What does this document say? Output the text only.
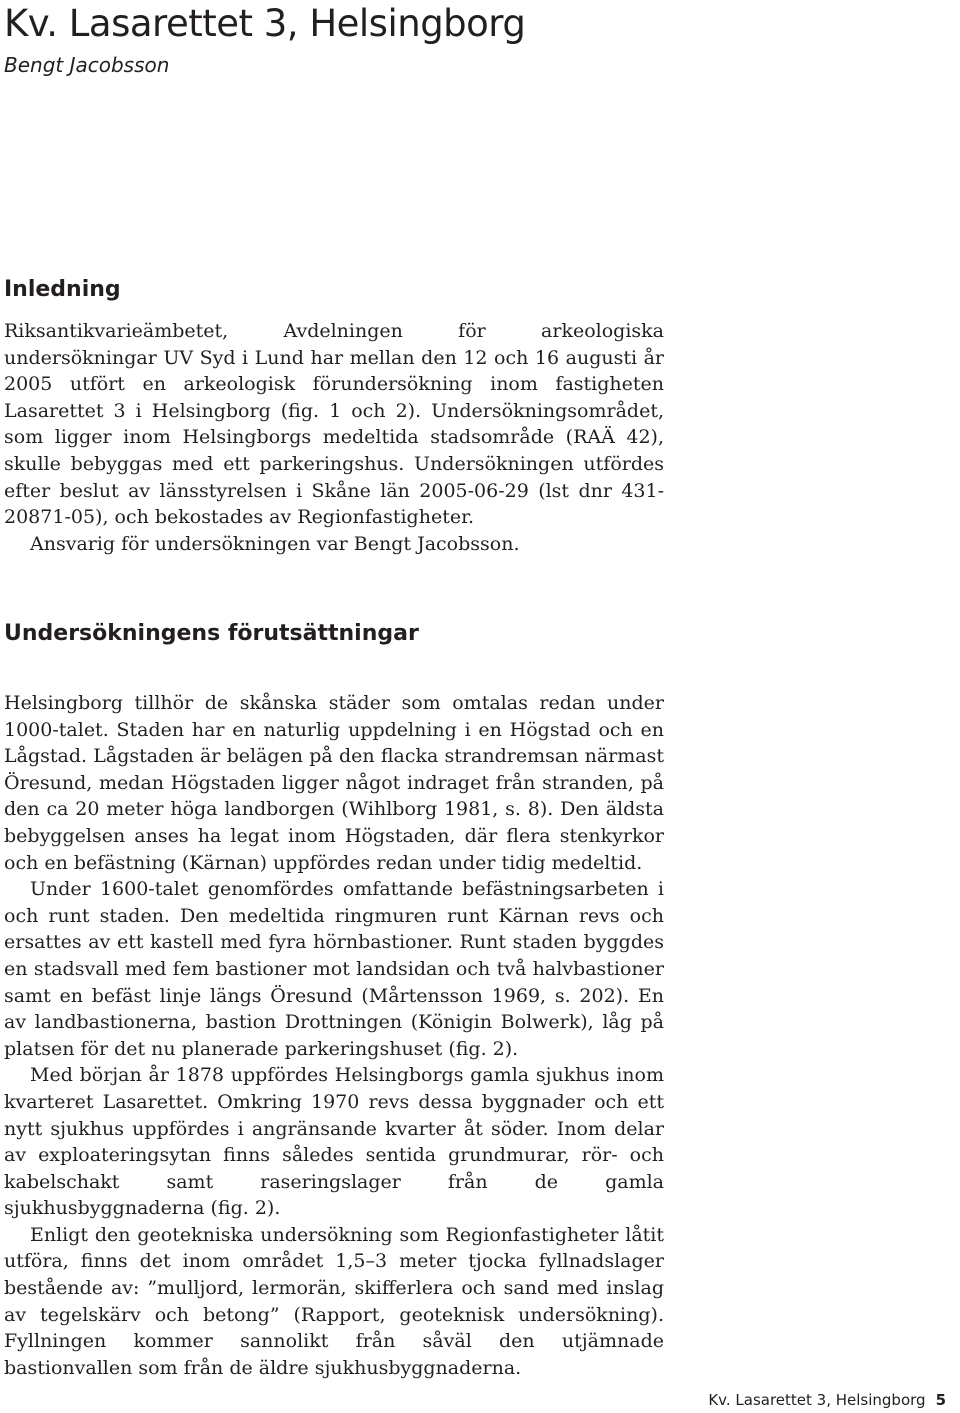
Kv. Lasarettet 3, Helsingborg

Bengt Jacobsson

Inledning

Riksantikvarieämbetet, Avdelningen för arkeologiska undersökningar UV Syd i Lund har mellan den 12 och 16 augusti år 2005 utfört en arkeologisk förundersökning inom fastigheten Lasarettet 3 i Helsingborg (fig. 1 och 2). Undersökningsområdet, som ligger inom Helsingborgs medeltida stadsområde (RAÄ 42), skulle bebyggas med ett parkeringshus. Undersökningen utfördes efter beslut av länsstyrelsen i Skåne län 2005-06-29 (lst dnr 431-20871-05), och bekostades av Regionfastigheter.

Ansvarig för undersökningen var Bengt Jacobsson.

Undersökningens förutsättningar

Helsingborg tillhör de skånska städer som omtalas redan under 1000-talet. Staden har en naturlig uppdelning i en Högstad och en Lågstad. Lågstaden är belägen på den flacka strandremsan närmast Öresund, medan Högstaden ligger något indraget från stranden, på den ca 20 meter höga landborgen (Wihlborg 1981, s. 8). Den äldsta bebyggelsen anses ha legat inom Högstaden, där flera stenkyrkor och en befästning (Kärnan) uppfördes redan under tidig medeltid.

Under 1600-talet genomfördes omfattande befästningsarbeten i och runt staden. Den medeltida ringmuren runt Kärnan revs och ersattes av ett kastell med fyra hörnbastioner. Runt staden byggdes en stadsvall med fem bastioner mot landsidan och två halvbastioner samt en befäst linje längs Öresund (Mårtensson 1969, s. 202). En av landbastionerna, bastion Drottningen (Königin Bolwerk), låg på platsen för det nu planerade parkeringshuset (fig. 2).

Med början år 1878 uppfördes Helsingborgs gamla sjukhus inom kvarteret Lasarettet. Omkring 1970 revs dessa byggnader och ett nytt sjukhus uppfördes i angränsande kvarter åt söder. Inom delar av exploateringsytan finns således sentida grundmurar, rör- och kabelschakt samt raseringslager från de gamla sjukhusbyggnaderna (fig. 2).

Enligt den geotekniska undersökning som Regionfastigheter låtit utföra, finns det inom området 1,5–3 meter tjocka fyllnadslager bestående av: ”mulljord, lermorän, skifferlera och sand med inslag av tegelskärv och betong” (Rapport, geoteknisk undersökning). Fyllningen kommer sannolikt från såväl den utjämnade bastionvallen som från de äldre sjukhusbyggnaderna.

Kv. Lasarettet 3, Helsingborg 5
